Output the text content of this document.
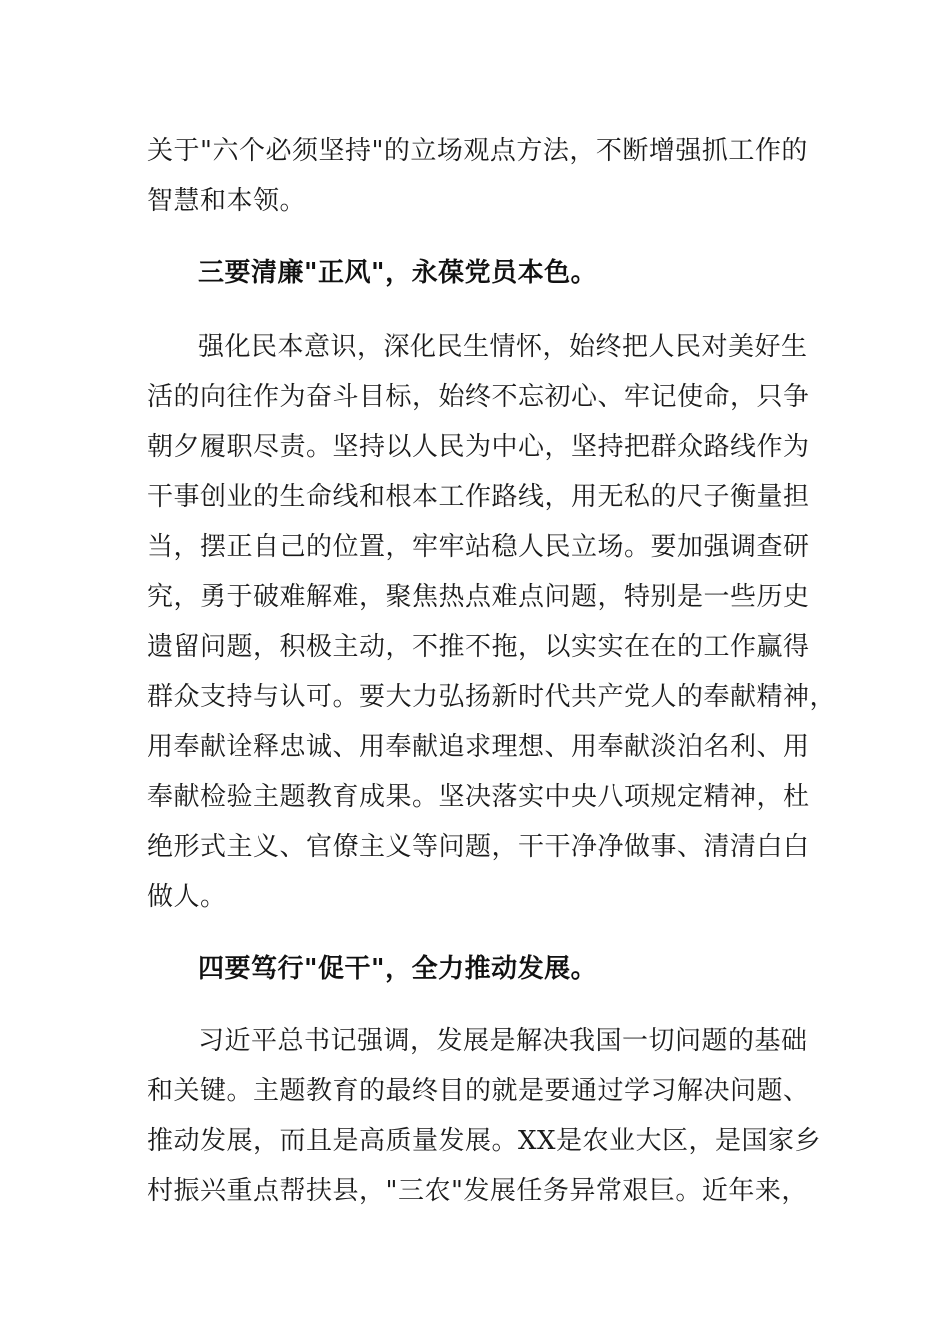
关于"六个必须坚持"的立场观点方法，不断增强抓工作的
智慧和本领。
三要清廉"正风"，永葆党员本色。
强化民本意识，深化民生情怀，始终把人民对美好生
活的向往作为奋斗目标，始终不忘初心、牢记使命，只争
朝夕履职尽责。坚持以人民为中心，坚持把群众路线作为
干事创业的生命线和根本工作路线，用无私的尺子衡量担
当，摆正自己的位置，牢牢站稳人民立场。要加强调查研
究，勇于破难解难，聚焦热点难点问题，特别是一些历史
遗留问题，积极主动，不推不拖，以实实在在的工作赢得
群众支持与认可。要大力弘扬新时代共产党人的奉献精神，
用奉献诠释忠诚、用奉献追求理想、用奉献淡泊名利、用
奉献检验主题教育成果。坚决落实中央八项规定精神，杜
绝形式主义、官僚主义等问题，干干净净做事、清清白白
做人。
四要笃行"促干"，全力推动发展。
习近平总书记强调，发展是解决我国一切问题的基础
和关键。主题教育的最终目的就是要通过学习解决问题、
推动发展，而且是高质量发展。XX是农业大区，是国家乡
村振兴重点帮扶县，"三农"发展任务异常艰巨。近年来，
